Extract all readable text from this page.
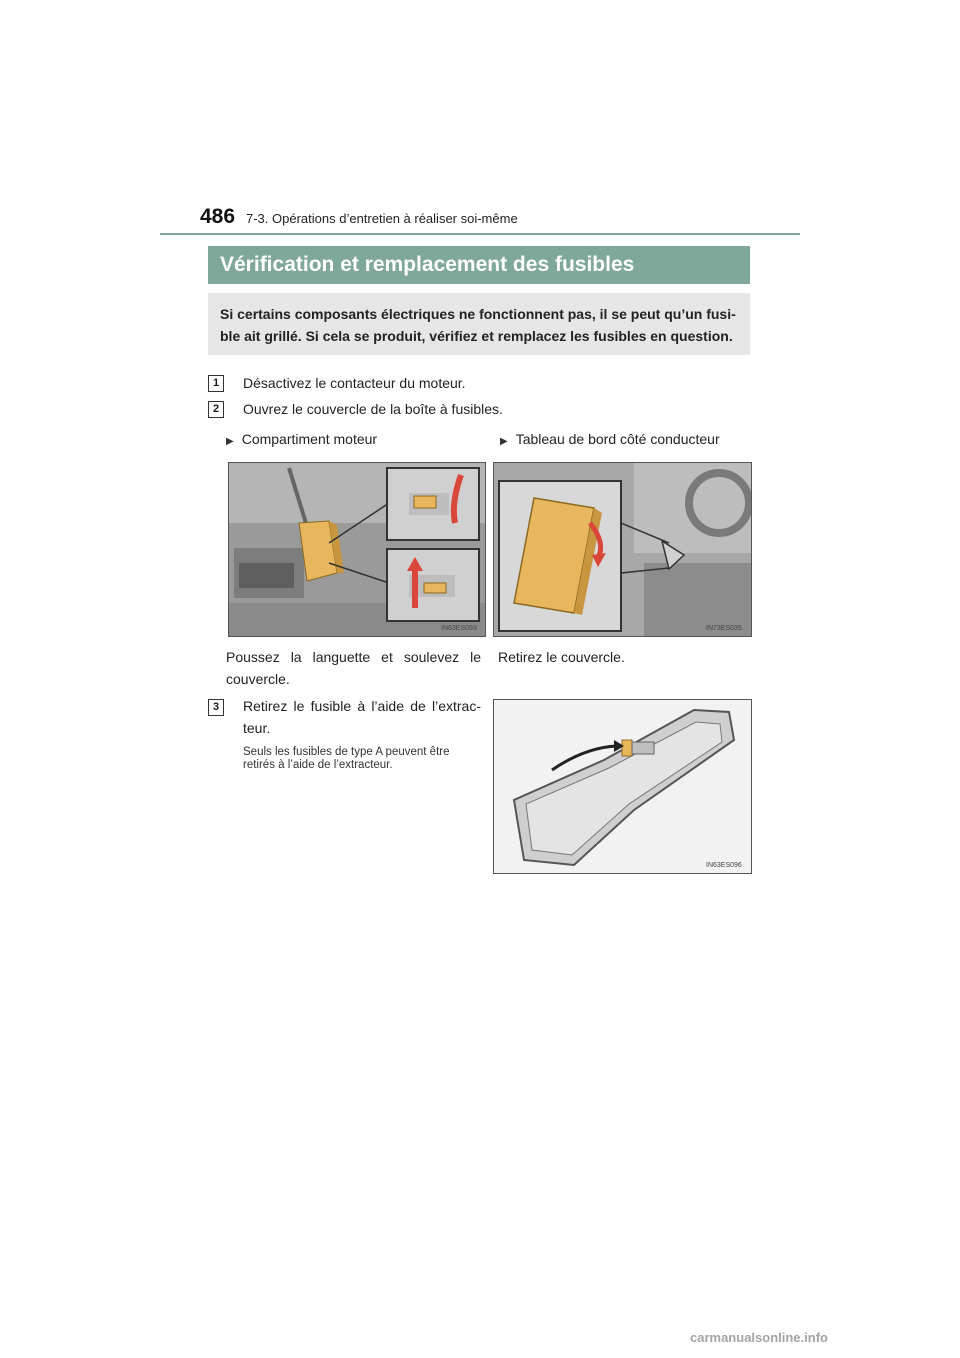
486 7-3. Opérations d’entretien à réaliser soi-même
Vérification et remplacement des fusibles
Si certains composants électriques ne fonctionnent pas, il se peut qu’un fusi-
ble ait grillé. Si cela se produit, vérifiez et remplacez les fusibles en question.
1	Désactivez le contacteur du moteur.
2	Ouvrez le couvercle de la boîte à fusibles.
▶ Compartiment moteur	▶ Tableau de bord côté conducteur
IN63ES093	IN73ES035
Poussez la languette et soulevez le
couvercle.
Retirez le couvercle.
3	Retirez le fusible à l’aide de l’extrac-
teur.
Seuls les fusibles de type A peuvent être
retirés à l’aide de l’extracteur.
IN63ES096
carmanualsonline.info
